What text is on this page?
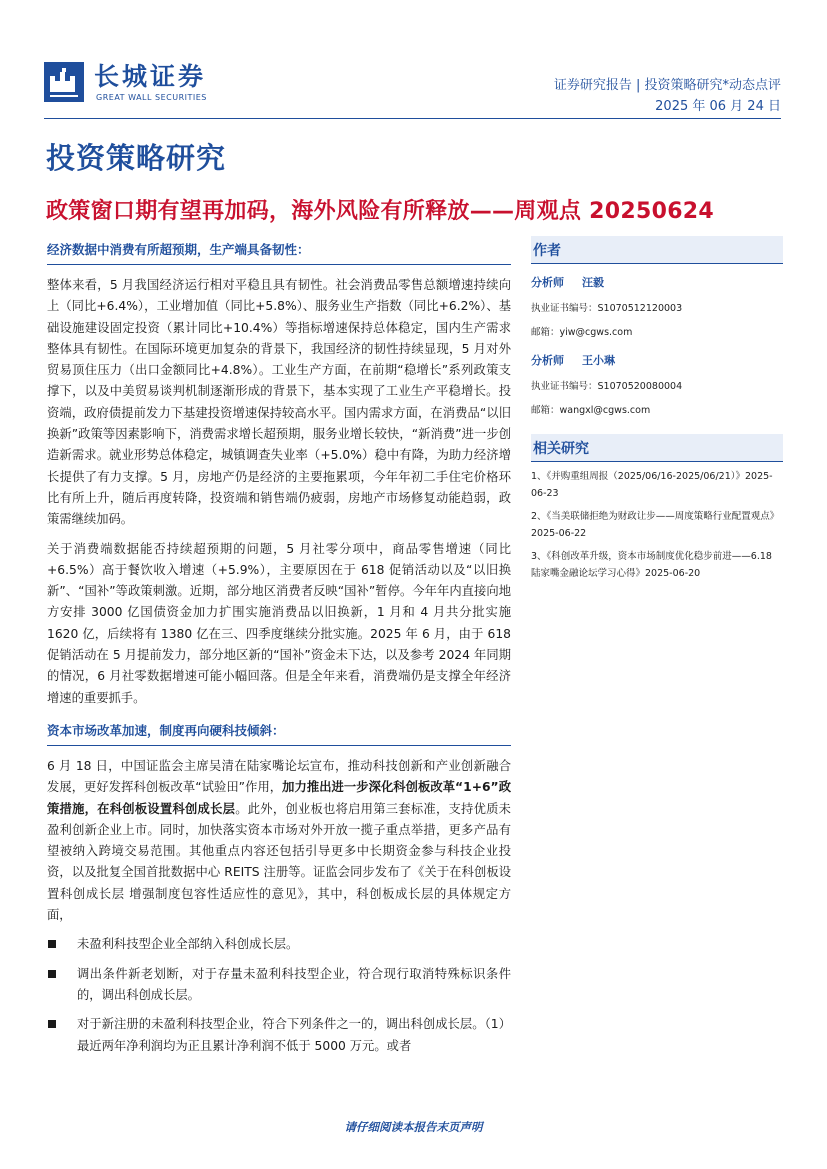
长城证券
GREAT WALL SECURITIES
证券研究报告 | 投资策略研究*动态点评
2025 年 06 月 24 日
投资策略研究
政策窗口期有望再加码，海外风险有所释放——周观点 20250624
经济数据中消费有所超预期，生产端具备韧性：

整体来看，5 月我国经济运行相对平稳且具有韧性。社会消费品零售总额增速持续向上（同比+6.4%），工业增加值（同比+5.8%）、服务业生产指数（同比+6.2%）、基础设施建设固定投资（累计同比+10.4%）等指标增速保持总体稳定，国内生产需求整体具有韧性。在国际环境更加复杂的背景下，我国经济的韧性持续显现，5 月对外贸易顶住压力（出口金额同比+4.8%）。工业生产方面，在前期“稳增长”系列政策支撑下，以及中美贸易谈判机制逐渐形成的背景下，基本实现了工业生产平稳增长。投资端，政府债提前发力下基建投资增速保持较高水平。国内需求方面，在消费品“以旧换新”政策等因素影响下，消费需求增长超预期，服务业增长较快，“新消费”进一步创造新需求。就业形势总体稳定，城镇调查失业率（+5.0%）稳中有降，为助力经济增长提供了有力支撑。5 月，房地产仍是经济的主要拖累项，今年年初二手住宅价格环比有所上升，随后再度转降，投资端和销售端仍疲弱，房地产市场修复动能趋弱，政策需继续加码。

关于消费端数据能否持续超预期的问题，5 月社零分项中，商品零售增速（同比+6.5%）高于餐饮收入增速（+5.9%），主要原因在于 618 促销活动以及“以旧换新”、“国补”等政策刺激。近期，部分地区消费者反映“国补”暂停。今年年内直接向地方安排 3000 亿国债资金加力扩围实施消费品以旧换新，1 月和 4 月共分批实施 1620 亿，后续将有 1380 亿在三、四季度继续分批实施。2025 年 6 月，由于 618 促销活动在 5 月提前发力，部分地区新的“国补”资金未下达，以及参考 2024 年同期的情况，6 月社零数据增速可能小幅回落。但是全年来看，消费端仍是支撑全年经济增速的重要抓手。

资本市场改革加速，制度再向硬科技倾斜：

6 月 18 日，中国证监会主席吴清在陆家嘴论坛宣布，推动科技创新和产业创新融合发展，更好发挥科创板改革“试验田”作用，加力推出进一步深化科创板改革“1+6”政策措施，在科创板设置科创成长层。此外，创业板也将启用第三套标准，支持优质未盈利创新企业上市。同时，加快落实资本市场对外开放一揽子重点举措，更多产品有望被纳入跨境交易范围。其他重点内容还包括引导更多中长期资金参与科技企业投资，以及批复全国首批数据中心 REITS 注册等。证监会同步发布了《关于在科创板设置科创成长层 增强制度包容性适应性的意见》，其中，科创板成长层的具体规定方面，

未盈利科技型企业全部纳入科创成长层。
调出条件新老划断，对于存量未盈利科技型企业，符合现行取消特殊标识条件的，调出科创成长层。
对于新注册的未盈利科技型企业，符合下列条件之一的，调出科创成长层。（1）最近两年净利润均为正且累计净利润不低于 5000 万元。或者
作者
分析师 汪毅
执业证书编号：S1070512120003
邮箱：yiw@cgws.com
分析师 王小琳
执业证书编号：S1070520080004
邮箱：wangxl@cgws.com
相关研究
1、《并购重组周报（2025/06/16-2025/06/21）》2025-06-23
2、《当美联储拒绝为财政让步——周度策略行业配置观点》2025-06-22
3、《科创改革升级，资本市场制度优化稳步前进——6.18 陆家嘴金融论坛学习心得》2025-06-20
请仔细阅读本报告末页声明
